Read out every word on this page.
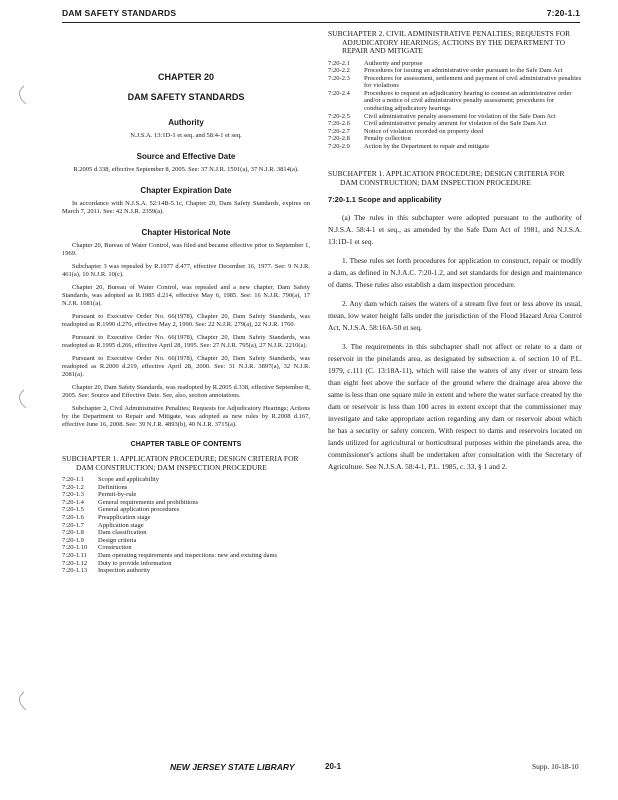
DAM SAFETY STANDARDS	7:20-1.1
CHAPTER 20
DAM SAFETY STANDARDS
Authority

N.J.S.A. 13:1D-1 et seq. and 58:4-1 et seq.

Source and Effective Date

R.2005 d.338, effective September 8, 2005. See: 37 N.J.R. 1591(a), 37 N.J.R. 3814(a).

Chapter Expiration Date

In accordance with N.J.S.A. 52:14B-5.1c, Chapter 20, Dam Safety Standards, expires on March 7, 2011. See: 42 N.J.R. 2359(a).

Chapter Historical Note

Chapter 20, Bureau of Water Control, was filed and became effective prior to September 1, 1969.

Subchapter 3 was repealed by R.1977 d.477, effective December 16, 1977. See: 9 N.J.R. 461(a), 10 N.J.R. 10(c).

Chapter 20, Bureau of Water Control, was repealed and a new chapter, Dam Safety Standards, was adopted as R.1985 d.214, effective May 6, 1985. See: 16 N.J.R. 790(a), 17 N.J.R. 1081(a).

Pursuant to Executive Order No. 66(1978), Chapter 20, Dam Safety Standards, was readopted as R.1990 d.276, effective May 2, 1990. See: 22 N.J.R. 279(a), 22 N.J.R. 1760.

Pursuant to Executive Order No. 66(1978), Chapter 20, Dam Safety Standards, was readopted as R.1995 d.266, effective April 28, 1995. See: 27 N.J.R. 795(a), 27 N.J.R. 2210(a).

Pursuant to Executive Order No. 66(1978), Chapter 20, Dam Safety Standards, was readopted as R.2000 d.219, effective April 28, 2000. See: 31 N.J.R. 3897(a), 32 N.J.R. 2081(a).

Chapter 20, Dam Safety Standards, was readopted by R.2005 d.338, effective September 8, 2005. See: Source and Effective Date. See, also, section annotations.

Subchapter 2, Civil Administrative Penalties; Requests for Adjudicatory Hearings; Actions by the Department to Repair and Mitigate, was adopted as new rules by R.2008 d.167, effective June 16, 2008. See: 39 N.J.R. 4893(b), 40 N.J.R. 3715(a).

CHAPTER TABLE OF CONTENTS

SUBCHAPTER 1. APPLICATION PROCEDURE; DESIGN CRITERIA FOR DAM CONSTRUCTION; DAM INSPECTION PROCEDURE

7:20-1.1	Scope and applicability
7:20-1.2	Definitions
7:20-1.3	Permit-by-rule
7:20-1.4	General requirements and prohibitions
7:20-1.5	General application procedures
7:20-1.6	Preapplication stage
7:20-1.7	Application stage
7:20-1.8	Dam classification
7:20-1.9	Design criteria
7:20-1.10	Construction
7:20-1.11	Dam operating requirements and inspections: new and existing dams
7:20-1.12	Duty to provide information
7:20-1.13	Inspection authority

SUBCHAPTER 2. CIVIL ADMINISTRATIVE PENALTIES; REQUESTS FOR ADJUDICATORY HEARINGS; ACTIONS BY THE DEPARTMENT TO REPAIR AND MITIGATE

7:20-2.1	Authority and purpose
7:20-2.2	Procedures for issuing an administrative order pursuant to the Safe Dam Act
7:20-2.3	Procedures for assessment, settlement and payment of civil administrative penalties for violations
7:20-2.4	Procedures to request an adjudicatory hearing to contest an administrative order and/or a notice of civil administrative penalty assessment; procedures for conducting adjudicatory hearings
7:20-2.5	Civil administrative penalty assessment for violation of the Safe Dam Act
7:20-2.6	Civil administrative penalty amount for violation of the Safe Dam Act
7:20-2.7	Notice of violation recorded on property deed
7:20-2.8	Penalty collection
7:20-2.9	Action by the Department to repair and mitigate

SUBCHAPTER 1. APPLICATION PROCEDURE; DESIGN CRITERIA FOR DAM CONSTRUCTION; DAM INSPECTION PROCEDURE

7:20-1.1 Scope and applicability

(a) The rules in this subchapter were adopted pursuant to the authority of N.J.S.A. 58:4-1 et seq., as amended by the Safe Dam Act of 1981, and N.J.S.A. 13:1D-1 et seq.

1. These rules set forth procedures for application to construct, repair or modify a dam, as defined in N.J.A.C. 7:20-1.2, and set standards for design and maintenance of dams. These rules also establish a dam inspection procedure.

2. Any dam which raises the waters of a stream five feet or less above its usual, mean, low water height falls under the jurisdiction of the Flood Hazard Area Control Act, N.J.S.A. 58:16A-50 et seq.

3. The requirements in this subchapter shall not affect or relate to a dam or reservoir in the pinelands area, as designated by subsection a. of section 10 of P.L. 1979, c.111 (C. 13:18A-11), which will raise the waters of any river or stream less than eight feet above the surface of the ground where the drainage area above the same is less than one square mile in extent and where the water surface created by the dam or reservoir is less than 100 acres in extent except that the commissioner may investigate and take appropriate action regarding any dam or reservoir about which he has a security or safety concern. With respect to dams and reservoirs located on lands utilized for agricultural or horticultural purposes within the pinelands area, the commissioner's actions shall be undertaken after consultation with the Secretary of Agriculture. See N.J.S.A. 58:4-1, P.L. 1985, c. 33, § 1 and 2.

NEW JERSEY STATE LIBRARY	20-1	Supp. 10-18-10
